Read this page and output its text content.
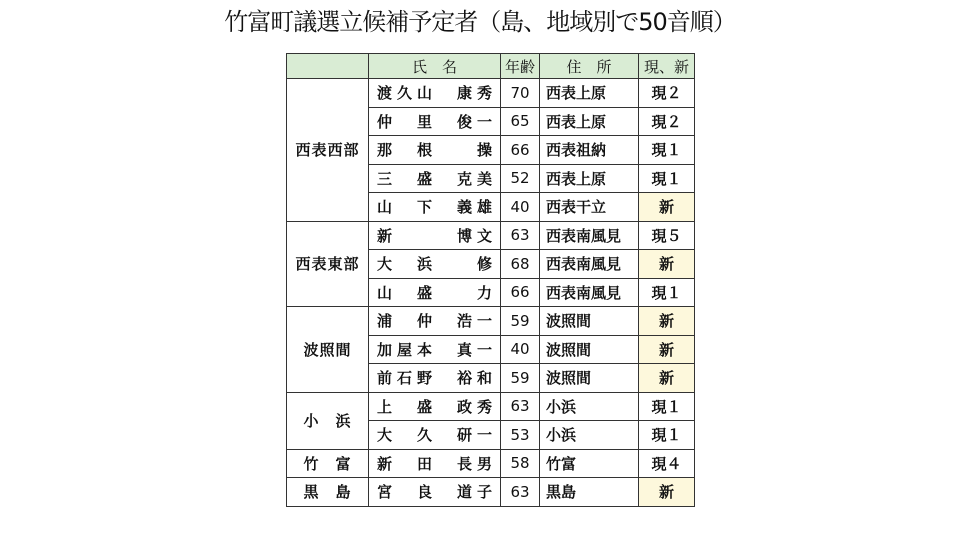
竹富町議選立候補予定者（島、地域別で50音順）
	氏　名	年齢	住　所	現、新
西表西部	渡 久 山 康 秀	70	西表上原	現２

	仲 里 俊 一	65	西表上原	現２

	那 根 操	66	西表祖納	現１

	三 盛 克 美	52	西表上原	現１

	山 下 義 雄	40	西表干立	新
西表東部	新 博 文	63	西表南風見	現５

	大 浜 修	68	西表南風見	新

	山 盛 力	66	西表南風見	現１
波照間	浦 仲 浩 一	59	波照間	新

	加 屋 本 真 一	40	波照間	新

	前 石 野 裕 和	59	波照間	新
小　浜	上 盛 政 秀	63	小浜	現１

	大 久 研 一	53	小浜	現１
竹　富	新 田 長 男	58	竹富	現４
黒　島	宮 良 道 子	63	黒島	新
